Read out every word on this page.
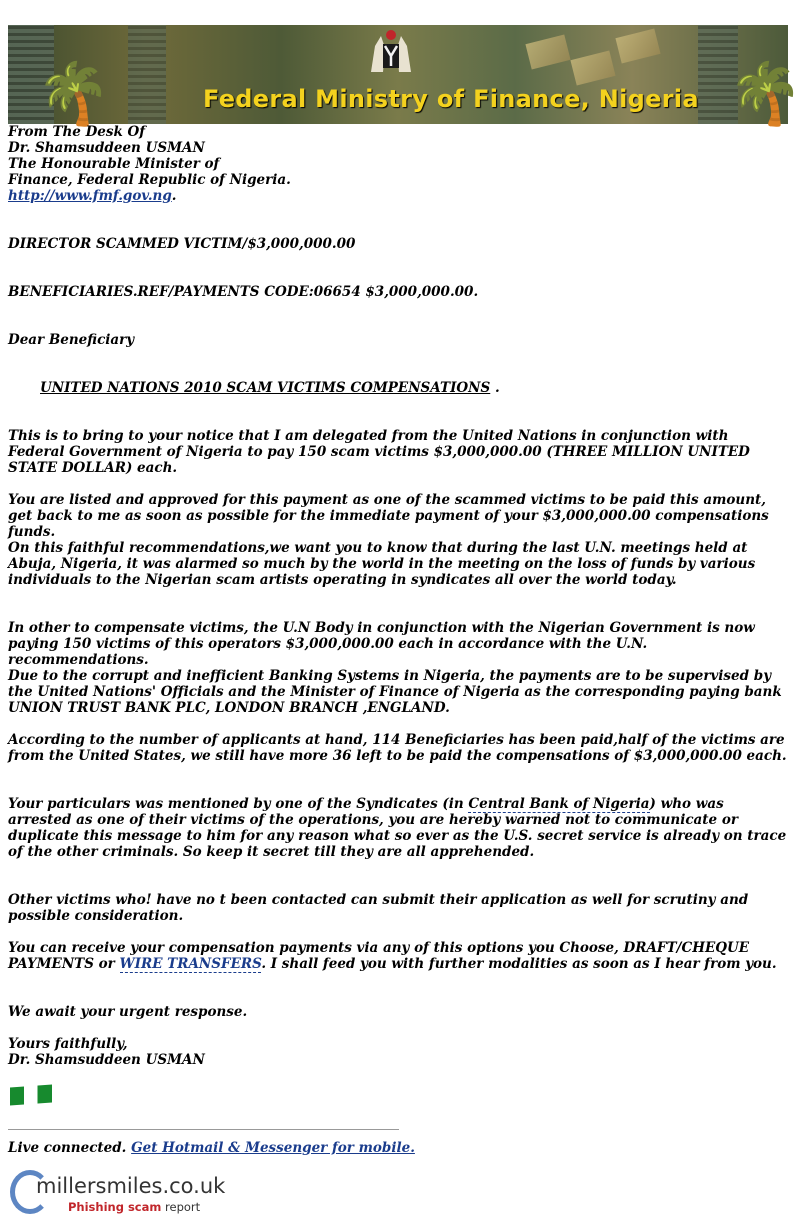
🌴	🌴
Federal Ministry of Finance, Nigeria
From The Desk Of
Dr. Shamsuddeen USMAN
The Honourable Minister of
Finance, Federal Republic of Nigeria.
http://www.fmf.gov.ng.
DIRECTOR SCAMMED VICTIM/$3,000,000.00
BENEFICIARIES.REF/PAYMENTS CODE:06654 $3,000,000.00.
Dear Beneficiary
UNITED NATIONS 2010 SCAM VICTIMS COMPENSATIONS .
This is to bring to your notice that I am delegated from the United Nations in conjunction with Federal Government of Nigeria to pay 150 scam victims $3,000,000.00 (THREE MILLION UNITED STATE DOLLAR) each.
You are listed and approved for this payment as one of the scammed victims to be paid this amount, get back to me as soon as possible for the immediate payment of your $3,000,000.00 compensations funds.
On this faithful recommendations,we want you to know that during the last U.N. meetings held at Abuja, Nigeria, it was alarmed so much by the world in the meeting on the loss of funds by various individuals to the Nigerian scam artists operating in syndicates all over the world today.
In other to compensate victims, the U.N Body in conjunction with the Nigerian Government is now paying 150 victims of this operators $3,000,000.00 each in accordance with the U.N. recommendations.
Due to the corrupt and inefficient Banking Systems in Nigeria, the payments are to be supervised by the United Nations' Officials and the Minister of Finance of Nigeria as the corresponding paying bank UNION TRUST BANK PLC, LONDON BRANCH ,ENGLAND.
According to the number of applicants at hand, 114 Beneficiaries has been paid,half of the victims are from the United States, we still have more 36 left to be paid the compensations of $3,000,000.00 each.
Your particulars was mentioned by one of the Syndicates (in Central Bank of Nigeria) who was arrested as one of their victims of the operations, you are hereby warned not to communicate or duplicate this message to him for any reason what so ever as the U.S. secret service is already on trace of the other criminals. So keep it secret till they are all apprehended.
Other victims who! have no t been contacted can submit their application as well for scrutiny and possible consideration.
You can receive your compensation payments via any of this options you Choose, DRAFT/CHEQUE PAYMENTS or WIRE TRANSFERS. I shall feed you with further modalities as soon as I hear from you.
We await your urgent response.
Yours faithfully,
Dr. Shamsuddeen USMAN
Live connected. Get Hotmail & Messenger for mobile.
millersmiles.co.uk
Phishing scam report
